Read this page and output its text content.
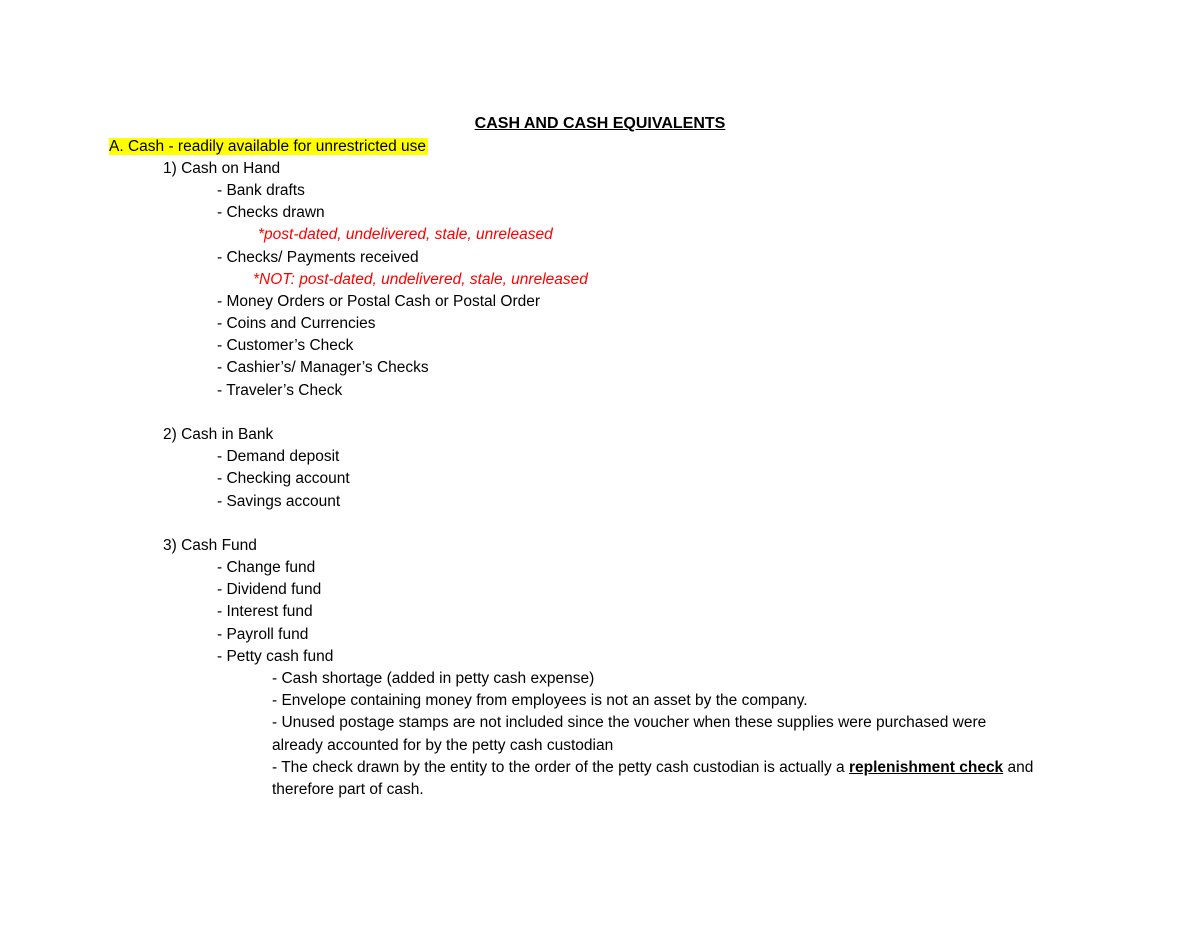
CASH AND CASH EQUIVALENTS
A. Cash - readily available for unrestricted use
1) Cash on Hand
- Bank drafts
- Checks drawn
*post-dated, undelivered, stale, unreleased
- Checks/ Payments received
*NOT: post-dated, undelivered, stale, unreleased
- Money Orders or Postal Cash or Postal Order
- Coins and Currencies
- Customer’s Check
- Cashier’s/ Manager’s Checks
- Traveler’s Check
2) Cash in Bank
- Demand deposit
- Checking account
- Savings account
3) Cash Fund
- Change fund
- Dividend fund
- Interest fund
- Payroll fund
- Petty cash fund
- Cash shortage (added in petty cash expense)
- Envelope containing money from employees is not an asset by the company.
- Unused postage stamps are not included since the voucher when these supplies were purchased were
already accounted for by the petty cash custodian
- The check drawn by the entity to the order of the petty cash custodian is actually a replenishment check and
therefore part of cash.
